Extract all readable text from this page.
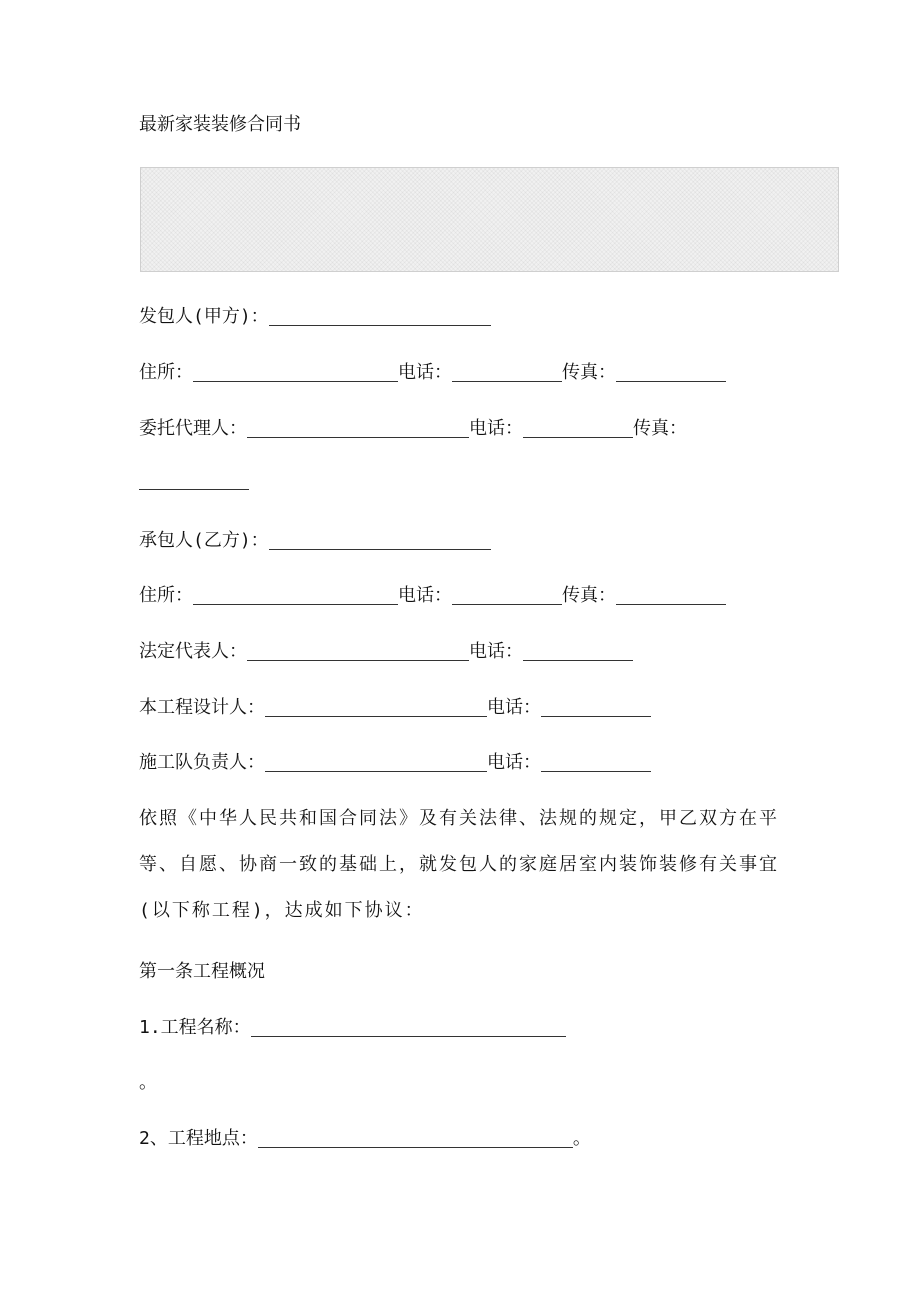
最新家装装修合同书
发包人(甲方)：
住所：	电话：	传真：
委托代理人：	电话：	传真：
承包人(乙方)：
住所：	电话：	传真：
法定代表人：	电话：
本工程设计人：	电话：
施工队负责人：	电话：
依照《中华人民共和国合同法》及有关法律、法规的规定，甲乙双方在平等、自愿、协商一致的基础上，就发包人的家庭居室内装饰装修有关事宜(以下称工程)，达成如下协议：
第一条工程概况
1.工程名称：
。
2、工程地点：	。
